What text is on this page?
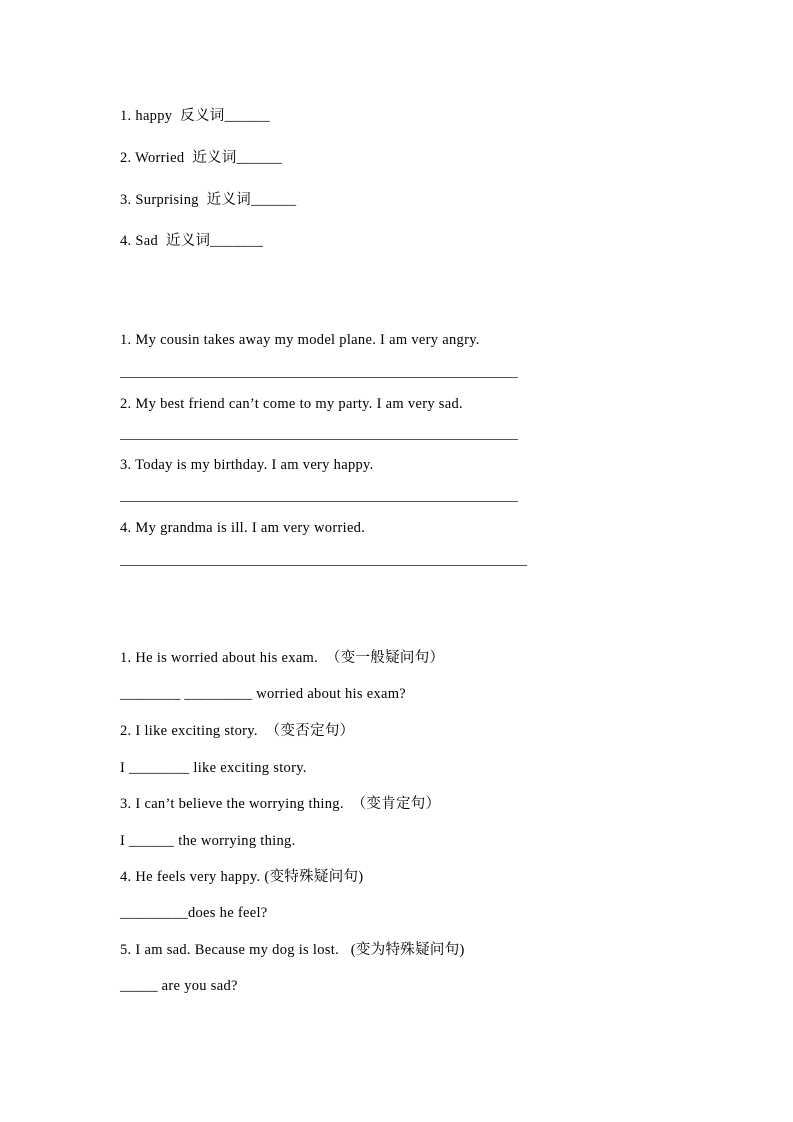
1. happy  反义词______
2. Worried  近义词______
3. Surprising  近义词______
4. Sad  近义词_______
1. My cousin takes away my model plane. I am very angry.
2. My best friend can’t come to my party. I am very sad.
3. Today is my birthday. I am very happy.
4. My grandma is ill. I am very worried.
1. He is worried about his exam.  （变一般疑问句）
________ _________ worried about his exam?
2. I like exciting story.  （变否定句）
I ________ like exciting story.
3. I can’t believe the worrying thing.  （变肯定句）
I ______ the worrying thing.
4. He feels very happy. (变特殊疑问句)
_________does he feel?
5. I am sad. Because my dog is lost.   (变为特殊疑问句)
_____ are you sad?
